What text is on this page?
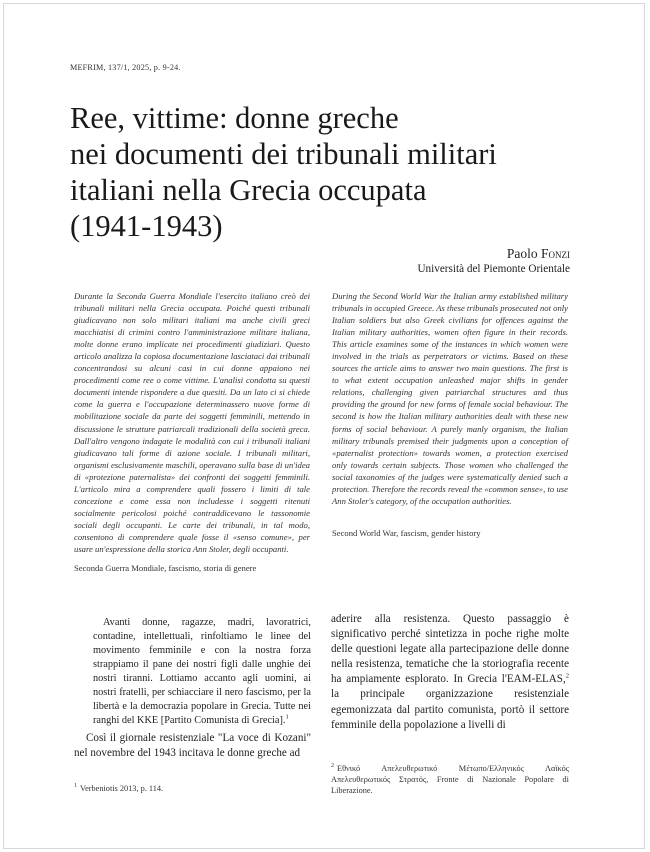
MEFRIM, 137/1, 2025, p. 9-24.
Ree, vittime: donne greche
nei documenti dei tribunali militari
italiani nella Grecia occupata
(1941-1943)
Paolo Fonzi
Università del Piemonte Orientale

Durante la Seconda Guerra Mondiale l'esercito italiano creò dei tribunali militari nella Grecia occupata. Poiché questi tribunali giudicavano non solo militari italiani ma anche civili greci macchiatisi di crimini contro l'amministrazione militare italiana, molte donne erano implicate nei procedimenti giudiziari. Questo articolo analizza la copiosa documentazione lasciataci dai tribunali concentrandosi su alcuni casi in cui donne appaiono nei procedimenti come ree o come vittime. L'analisi condotta su questi documenti intende rispondere a due quesiti. Da un lato ci si chiede come la guerra e l'occupazione determinassero nuove forme di mobilitazione sociale da parte dei soggetti femminili, mettendo in discussione le strutture patriarcali tradizionali della società greca. Dall'altro vengono indagate le modalità con cui i tribunali italiani giudicavano tali forme di azione sociale. I tribunali militari, organismi esclusivamente maschili, operavano sulla base di un'idea di «protezione paternalista» dei confronti dei soggetti femminili. L'articolo mira a comprendere quali fossero i limiti di tale concezione e come essa non includesse i soggetti ritenuti socialmente pericolosi poiché contraddicevano le tassonomie sociali degli occupanti. Le carte dei tribunali, in tal modo, consentono di comprendere quale fosse il «senso comune», per usare un'espressione della storica Ann Stoler, degli occupanti.

Seconda Guerra Mondiale, fascismo, storia di genere

During the Second World War the Italian army established military tribunals in occupied Greece. As these tribunals prosecuted not only Italian soldiers but also Greek civilians for offences against the Italian military authorities, women often figure in their records. This article examines some of the instances in which women were involved in the trials as perpetrators or victims. Based on these sources the article aims to answer two main questions. The first is to what extent occupation unleashed major shifts in gender relations, challenging given patriarchal structures and thus providing the ground for new forms of female social behaviour. The second is how the Italian military authorities dealt with these new forms of social behaviour. A purely manly organism, the Italian military tribunals premised their judgments upon a conception of «paternalist protection» towards women, a protection exercised only towards certain subjects. Those women who challenged the social taxonomies of the judges were systematically denied such a protection. Therefore the records reveal the «common sense», to use Ann Stoler's category, of the occupation authorities.

Second World War, fascism, gender history

Avanti donne, ragazze, madri, lavoratrici, contadine, intellettuali, rinfoltiamo le linee del movimento femminile e con la nostra forza strappiamo il pane dei nostri figli dalle unghie dei nostri tiranni. Lottiamo accanto agli uomini, ai nostri fratelli, per schiacciare il nero fascismo, per la libertà e la democrazia popolare in Grecia. Tutte nei ranghi del KKE [Partito Comunista di Grecia].$^1$

Così il giornale resistenziale "La voce di Kozani" nel novembre del 1943 incitava le donne greche ad

aderire alla resistenza. Questo passaggio è significativo perché sintetizza in poche righe molte delle questioni legate alla partecipazione delle donne nella resistenza, tematiche che la storiografia recente ha ampiamente esplorato. In Grecia l'EAM-ELAS,$^2$ la principale organizzazione resistenziale egemonizzata dal partito comunista, portò il settore femminile della popolazione a livelli di

$^2$ Εθνικό Απελευθερωτικό Μέτωπο/Ελληνικός Λαϊκός Απελευθερωτικός Στρατός, Fronte di Nazionale Popolare di Liberazione.

$^1$ Verbeniotis 2013, p. 114.
